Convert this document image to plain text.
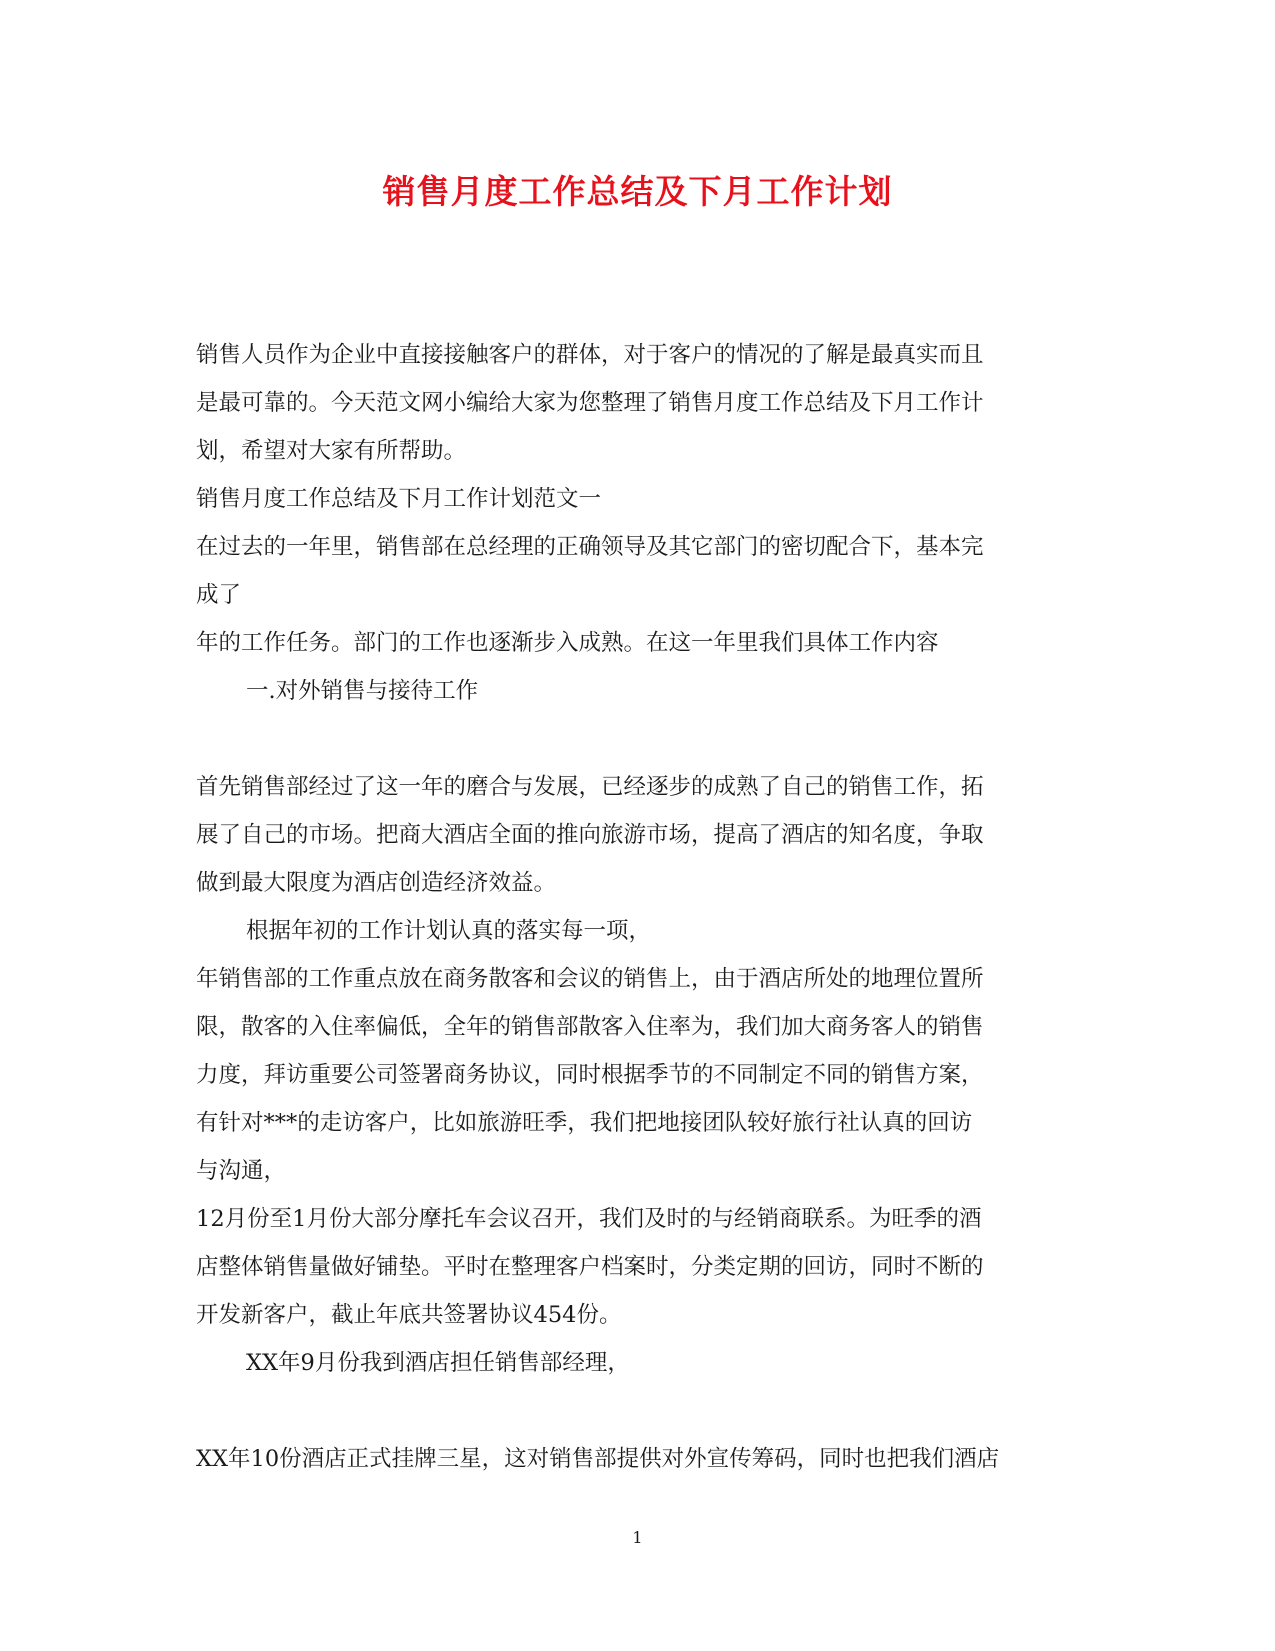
销售月度工作总结及下月工作计划

销售人员作为企业中直接接触客户的群体，对于客户的情况的了解是最真实而且

是最可靠的。今天范文网小编给大家为您整理了销售月度工作总结及下月工作计

划，希望对大家有所帮助。

销售月度工作总结及下月工作计划范文一

在过去的一年里，销售部在总经理的正确领导及其它部门的密切配合下，基本完

成了

年的工作任务。部门的工作也逐渐步入成熟。在这一年里我们具体工作内容

一.对外销售与接待工作

首先销售部经过了这一年的磨合与发展，已经逐步的成熟了自己的销售工作，拓

展了自己的市场。把商大酒店全面的推向旅游市场，提高了酒店的知名度，争取

做到最大限度为酒店创造经济效益。

根据年初的工作计划认真的落实每一项，

年销售部的工作重点放在商务散客和会议的销售上，由于酒店所处的地理位置所

限，散客的入住率偏低，全年的销售部散客入住率为，我们加大商务客人的销售

力度，拜访重要公司签署商务协议，同时根据季节的不同制定不同的销售方案，

有针对***的走访客户，比如旅游旺季，我们把地接团队较好旅行社认真的回访

与沟通，

12月份至1月份大部分摩托车会议召开，我们及时的与经销商联系。为旺季的酒

店整体销售量做好铺垫。平时在整理客户档案时，分类定期的回访，同时不断的

开发新客户，截止年底共签署协议454份。

XX年9月份我到酒店担任销售部经理，

XX年10份酒店正式挂牌三星，这对销售部提供对外宣传筹码，同时也把我们酒店

1
